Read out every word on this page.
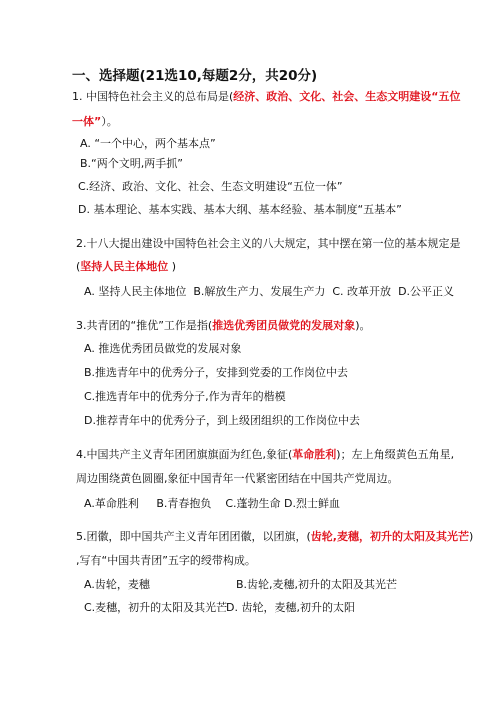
一、选择题(21选10,每题2分，共20分)
1. 中国特色社会主义的总布局是(经济、政治、文化、社会、生态文明建设“五位
一体”）。
A. “一个中心，两个基本点”
B.“两个文明,两手抓”
C.经济、政治、文化、社会、生态文明建设“五位一体”
D. 基本理论、基本实践、基本大纲、基本经验、基本制度“五基本”
2.十八大提出建设中国特色社会主义的八大规定，其中摆在第一位的基本规定是
(坚持人民主体地位 )
A. 坚持人民主体地位 B.解放生产力、发展生产力 C. 改革开放 D.公平正义
3.共青团的“推优”工作是指(推选优秀团员做党的发展对象)。
A. 推选优秀团员做党的发展对象
B.推选青年中的优秀分子，安排到党委的工作岗位中去
C.推选青年中的优秀分子,作为青年的楷模
D.推荐青年中的优秀分子，到上级团组织的工作岗位中去
4.中国共产主义青年团团旗旗面为红色,象征(革命胜利)；左上角缀黄色五角星,
周边围绕黄色圆圈,象征中国青年一代紧密团结在中国共产党周边。
A.革命胜利 B.青春抱负 C.蓬勃生命 D.烈士鲜血
5.团徽，即中国共产主义青年团团徽，以团旗，(齿轮,麦穗，初升的太阳及其光芒)
,写有“中国共青团”五字的绶带构成。
A.齿轮，麦穗	B.齿轮,麦穗,初升的太阳及其光芒
C.麦穗，初升的太阳及其光芒
D. 齿轮，麦穗,初升的太阳
